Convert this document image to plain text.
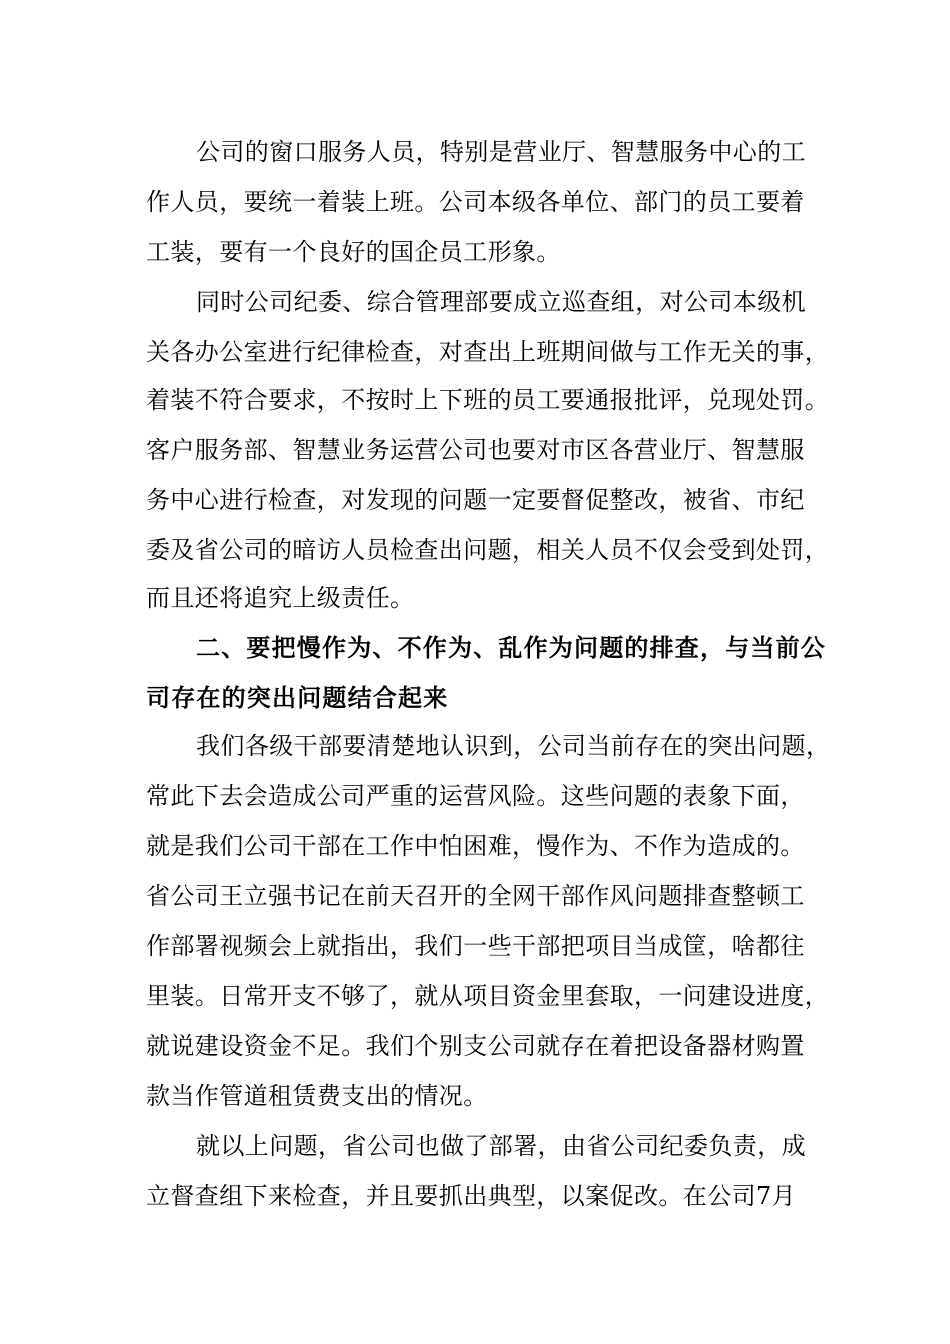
公司的窗口服务人员，特别是营业厅、智慧服务中心的工
作人员，要统一着装上班。公司本级各单位、部门的员工要着
工装，要有一个良好的国企员工形象。
同时公司纪委、综合管理部要成立巡查组，对公司本级机
关各办公室进行纪律检查，对查出上班期间做与工作无关的事，
着装不符合要求，不按时上下班的员工要通报批评，兑现处罚。
客户服务部、智慧业务运营公司也要对市区各营业厅、智慧服
务中心进行检查，对发现的问题一定要督促整改，被省、市纪
委及省公司的暗访人员检查出问题，相关人员不仅会受到处罚，
而且还将追究上级责任。
二、要把慢作为、不作为、乱作为问题的排查，与当前公
司存在的突出问题结合起来
我们各级干部要清楚地认识到，公司当前存在的突出问题，
常此下去会造成公司严重的运营风险。这些问题的表象下面，
就是我们公司干部在工作中怕困难，慢作为、不作为造成的。
省公司王立强书记在前天召开的全网干部作风问题排查整顿工
作部署视频会上就指出，我们一些干部把项目当成筐，啥都往
里装。日常开支不够了，就从项目资金里套取，一问建设进度，
就说建设资金不足。我们个别支公司就存在着把设备器材购置
款当作管道租赁费支出的情况。
就以上问题，省公司也做了部署，由省公司纪委负责，成
立督查组下来检查，并且要抓出典型，以案促改。在公司7月
